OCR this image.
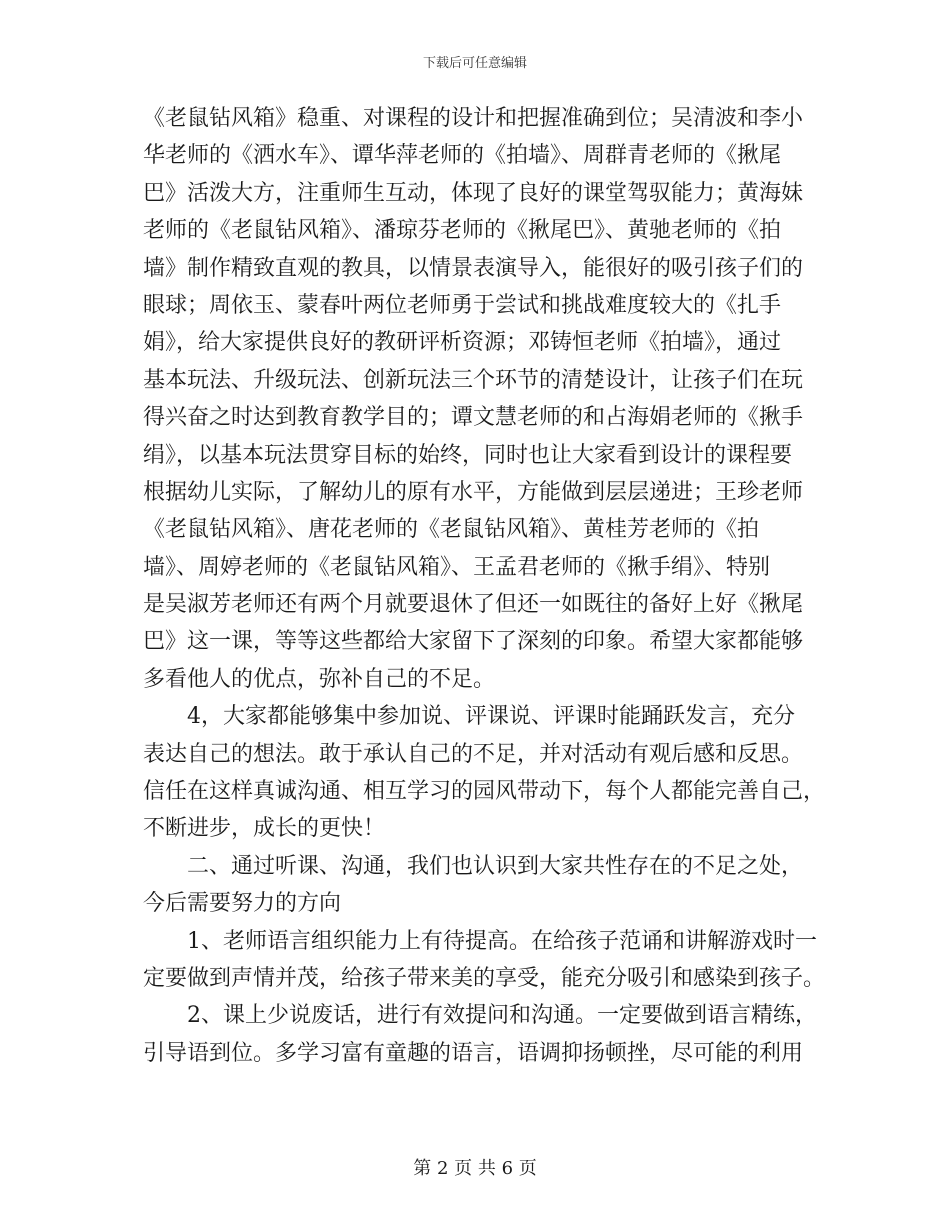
下载后可任意编辑
《老鼠钻风箱》稳重、对课程的设计和把握准确到位；吴清波和李小
华老师的《洒水车》、谭华萍老师的《拍墙》、周群青老师的《揪尾
巴》活泼大方，注重师生互动，体现了良好的课堂驾驭能力；黄海妹
老师的《老鼠钻风箱》、潘琼芬老师的《揪尾巴》、黄驰老师的《拍
墙》制作精致直观的教具，以情景表演导入，能很好的吸引孩子们的
眼球；周依玉、蒙春叶两位老师勇于尝试和挑战难度较大的《扎手
娟》，给大家提供良好的教研评析资源；邓铸恒老师《拍墙》，通过
基本玩法、升级玩法、创新玩法三个环节的清楚设计，让孩子们在玩
得兴奋之时达到教育教学目的；谭文慧老师的和占海娟老师的《揪手
绢》，以基本玩法贯穿目标的始终，同时也让大家看到设计的课程要
根据幼儿实际，了解幼儿的原有水平，方能做到层层递进；王珍老师
《老鼠钻风箱》、唐花老师的《老鼠钻风箱》、黄桂芳老师的《拍
墙》、周婷老师的《老鼠钻风箱》、王孟君老师的《揪手绢》、特别
是吴淑芳老师还有两个月就要退休了但还一如既往的备好上好《揪尾
巴》这一课，等等这些都给大家留下了深刻的印象。希望大家都能够
多看他人的优点，弥补自己的不足。
4，大家都能够集中参加说、评课说、评课时能踊跃发言，充分
表达自己的想法。敢于承认自己的不足，并对活动有观后感和反思。
信任在这样真诚沟通、相互学习的园风带动下，每个人都能完善自己，
不断进步，成长的更快！
二、通过听课、沟通，我们也认识到大家共性存在的不足之处，
今后需要努力的方向
1、老师语言组织能力上有待提高。在给孩子范诵和讲解游戏时一
定要做到声情并茂，给孩子带来美的享受，能充分吸引和感染到孩子。
2、课上少说废话，进行有效提问和沟通。一定要做到语言精练，
引导语到位。多学习富有童趣的语言，语调抑扬顿挫，尽可能的利用
第 2 页 共 6 页
